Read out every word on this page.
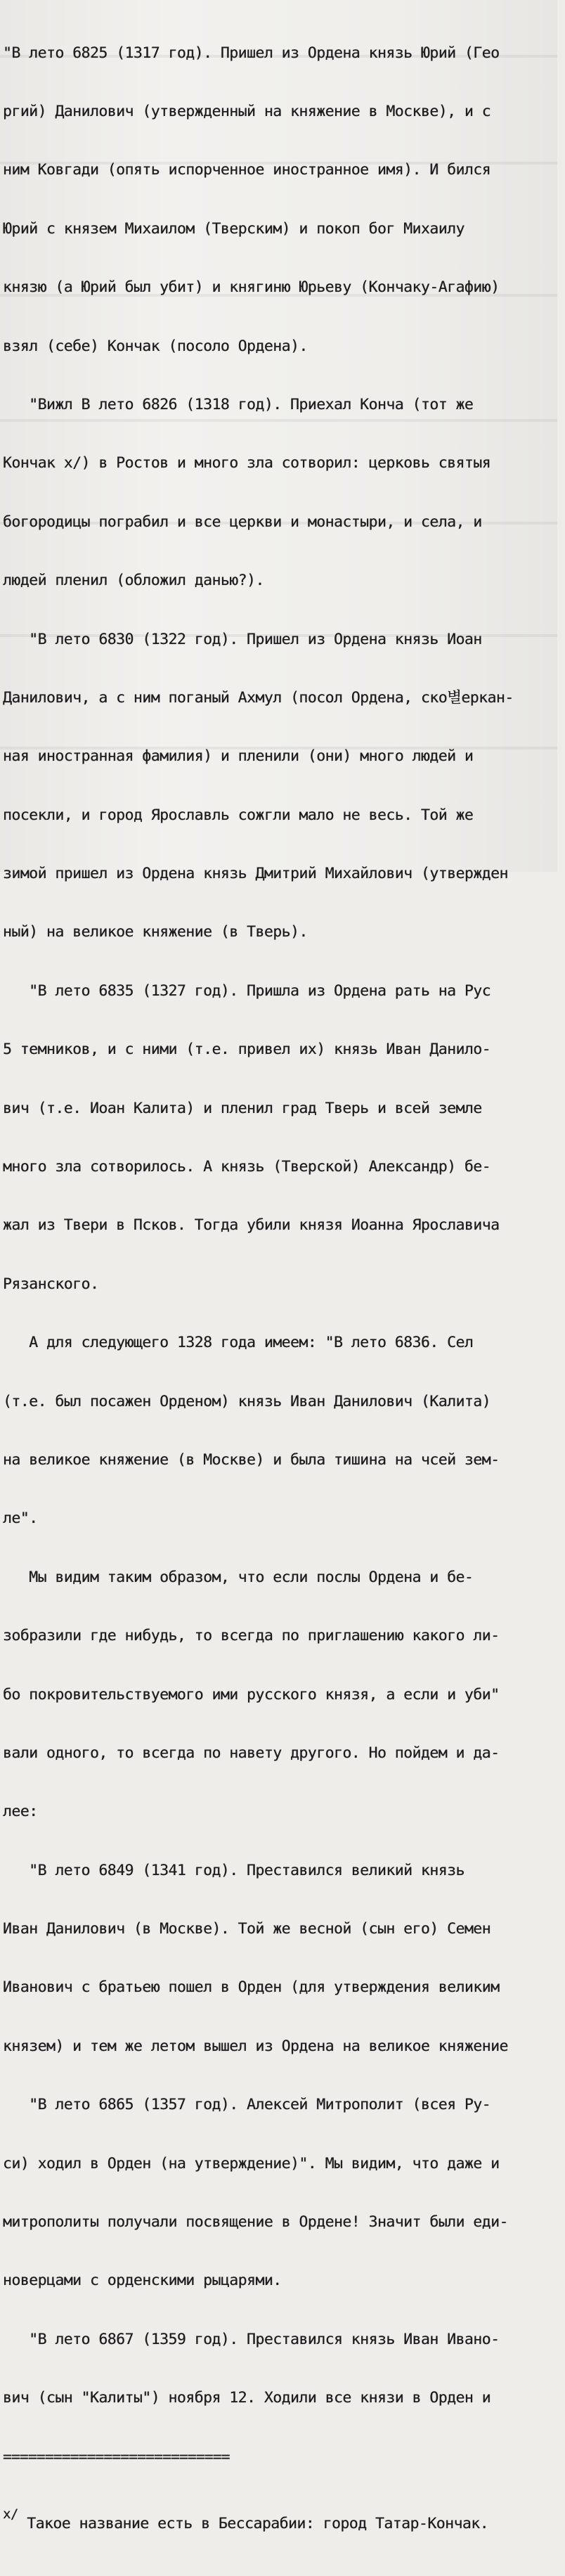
"В лето 6825 (1317 год). Пришел из Ордена князь Юрий (Гео

ргий) Данилович (утвержденный на княжение в Москве), и с

ним Ковгади (опять испорченное иностранное имя). И бился

Юрий с князем Михаилом (Тверским) и покоп бог Михаилу

князю (а Юрий был убит) и княгиню Юрьеву (Кончаку-Агафию)

взял (себе) Кончак (посоло Ордена).

"Вижл В лето 6826 (1318 год). Приехал Конча (тот же

Кончак x/) в Ростов и много зла сотворил: церковь святыя

богородицы пограбил и все церкви и монастыри, и села, и

людей пленил (обложил данью?).

"В лето 6830 (1322 год). Пришел из Ордена князь Иоан

Данилович, а с ним поганый Ахмул (посол Ордена, ско별еркан-

ная иностранная фамилия) и пленили (они) много людей и

посекли, и город Ярославль сожгли мало не весь. Той же

зимой пришел из Ордена князь Дмитрий Михайлович (утвержден

ный) на великое княжение (в Тверь).

"В лето 6835 (1327 год). Пришла из Ордена рать на Рус

5 темников, и с ними (т.е. привел их) князь Иван Данило-

вич (т.е. Иоан Калита) и пленил град Тверь и всей земле

много зла сотворилось. А князь (Тверской) Александр) бе-

жал из Твери в Псков. Тогда убили князя Иоанна Ярославича

Рязанского.

А для следующего 1328 года имеем: "В лето 6836. Сел

(т.е. был посажен Орденом) князь Иван Данилович (Калита)

на великое княжение (в Москве) и была тишина на чсей зем-

ле".

Мы видим таким образом, что если послы Ордена и бе-

зобразили где нибудь, то всегда по приглашению какого ли-

бо покровительствуемого ими русского князя, а если и уби"

вали одного, то всегда по навету другого. Но пойдем и да-

лее:

"В лето 6849 (1341 год). Преставился великий князь

Иван Данилович (в Москве). Той же весной (сын его) Семен

Иванович с братьею пошел в Орден (для утверждения великим

князем) и тем же летом вышел из Ордена на великое княжение

"В лето 6865 (1357 год). Алексей Митрополит (всея Ру-

си) ходил в Орден (на утверждение)". Мы видим, что даже и

митрополиты получали посвящение в Ордене! Значит были еди-

новерцами с орденскими рыцарями.

"В лето 6867 (1359 год). Преставился князь Иван Ивано-

вич (сын "Калиты") ноября 12. Ходили все князи в Орден и

===========================

x/ Такое название есть в Бессарабии: город Татар-Кончак.
